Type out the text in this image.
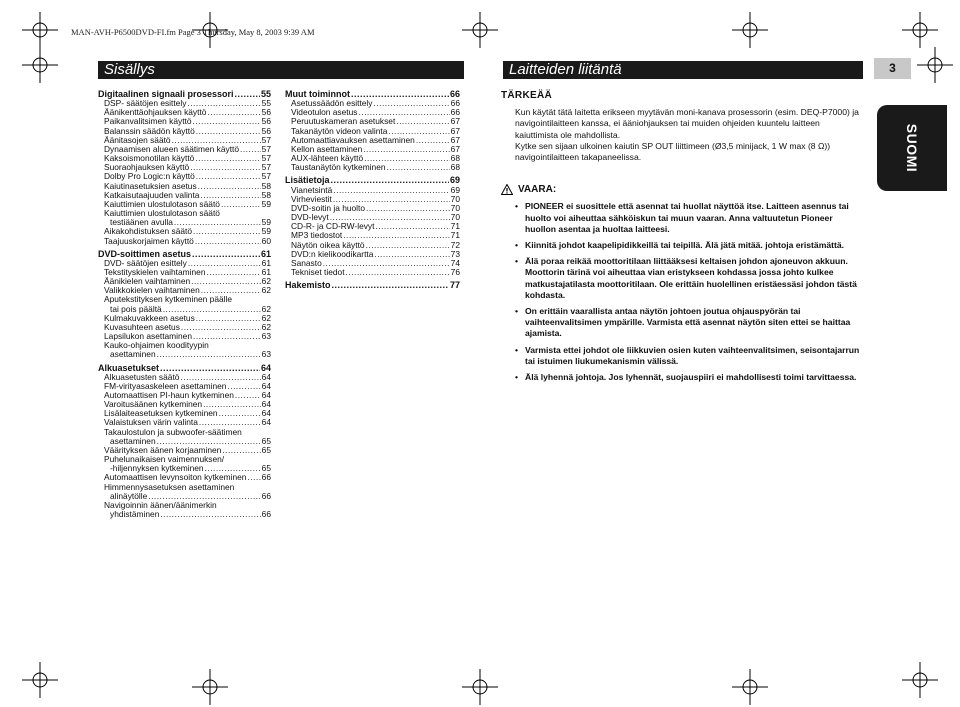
MAN-AVH-P6500DVD-FI.fm Page 3 Thursday, May 8, 2003 9:39 AM
Sisällys	Laitteiden liitäntä	3
SUOMI
Digitaalinen signaali prosessori .....	55
DSP- säätöjen esittely .....	55
Äänikenttäohjauksen käyttö .....	56
Paikanvalitsimen käyttö .....	56
Balanssin säädön käyttö .....	56
Äänitasojen säätö .....	57
Dynaamisen alueen säätimen käyttö .....	57
Kaksoismonotilan käyttö .....	57
Suoraohjauksen käyttö .....	57
Dolby Pro Logic:n käyttö .....	57
Kaiutinasetuksien asetus .....	58
Katkaisutaajuuden valinta .....	58
Kaiuttimien ulostulotason säätö .....	59
Kaiuttimien ulostulotason säätö
testiäänen avulla .....	59
Aikakohdistuksen säätö .....	59
Taajuuskorjaimen käyttö .....	60
DVD-soittimen asetus .....	61
DVD- säätöjen esittely .....	61
Tekstityskielen vaihtaminen .....	61
Äänikielen vaihtaminen .....	62
Valikkokielen vaihtaminen .....	62
Aputekstityksen kytkeminen päälle
tai pois päältä .....	62
Kulmakuvakkeen asetus .....	62
Kuvasuhteen asetus .....	62
Lapsilukon asettaminen .....	63
Kauko-ohjaimen koodityypin
asettaminen .....	63
Alkuasetukset .....	64
Alkuasetusten säätö .....	64
FM-virityasaskeleen asettaminen .....	64
Automaattisen PI-haun kytkeminen .....	64
Varoitusäänen kytkeminen .....	64
Lisälaiteasetuksen kytkeminen .....	64
Valaistuksen värin valinta .....	64
Takaulostulon ja subwoofer-säätimen
asettaminen .....	65
Väärityksen äänen korjaaminen .....	65
Puhelunaikaisen vaimennuksen/
-hiljennyksen kytkeminen .....	65
Automaattisen levynsoiton kytkeminen ..... 66
Himmennysasetuksen asettaminen
alinäytölle .....	66
Navigoinnin äänen/äänimerkin
yhdistäminen .....	66
Muut toiminnot .....	66
Asetussäädön esittely .....	66
Videotulon asetus .....	66
Peruutuskameran asetukset .....	67
Takanäytön videon valinta .....	67
Automaattiavauksen asettaminen .....	67
Kellon asettaminen .....	67
AUX-lähteen käyttö .....	68
Taustanäytön kytkeminen .....	68
Lisätietoja .....	69
Vianetsintä .....	69
Virheviestit .....	70
DVD-soitin ja huolto .....	70
DVD-levyt .....	70
CD-R- ja CD-RW-levyt .....	71
MP3 tiedostot .....	71
Näytön oikea käyttö .....	72
DVD:n kielikoodikartta .....	73
Sanasto .....	74
Tekniset tiedot .....	76
Hakemisto .....	77
TÄRKEÄÄ
Kun käytät tätä laitetta erikseen myytävän moni-kanava prosessorin (esim. DEQ-P7000) ja navigointilaitteen kanssa, ei ääniohjauksen tai muiden ohjeiden kuuntelu laitteen kaiuttimista ole mahdollista.
Kytke sen sijaan ulkoinen kaiutin SP OUT liittimeen (Ø3,5 minijack, 1 W max (8 Ω)) navigointilaitteen takapaneelissa.
VAARA:
• PIONEER ei suosittele että asennat tai huollat näyttöä itse. Laitteen asennus tai huolto voi aiheuttaa sähköiskun tai muun vaaran. Anna valtuutetun Pioneer huollon asentaa ja huoltaa laitteesi.
• Kiinnitä johdot kaapelipidikkeillä tai teipillä. Älä jätä mitää. johtoja eristämättä.
• Älä poraa reikää moottoritilaan liittääksesi keltaisen johdon ajoneuvon akkuun. Moottorin tärinä voi aiheuttaa vian eristykseen kohdassa jossa johto kulkee matkustajatilasta moottoritilaan. Ole erittäin huolellinen eristäessäsi johdon tästä kohdasta.
• On erittäin vaarallista antaa näytön johtoen joutua ohjauspyörän tai vaihteenvalitsimen ympärille. Varmista että asennat näytön siten ettei se haittaa ajamista.
• Varmista ettei johdot ole liikkuvien osien kuten vaihteenvalitsimen, seisontajarrun tai istuimen liukumekanismin välissä.
• Älä lyhennä johtoja. Jos lyhennät, suojauspiiri ei mahdollisesti toimi tarvittaessa.
